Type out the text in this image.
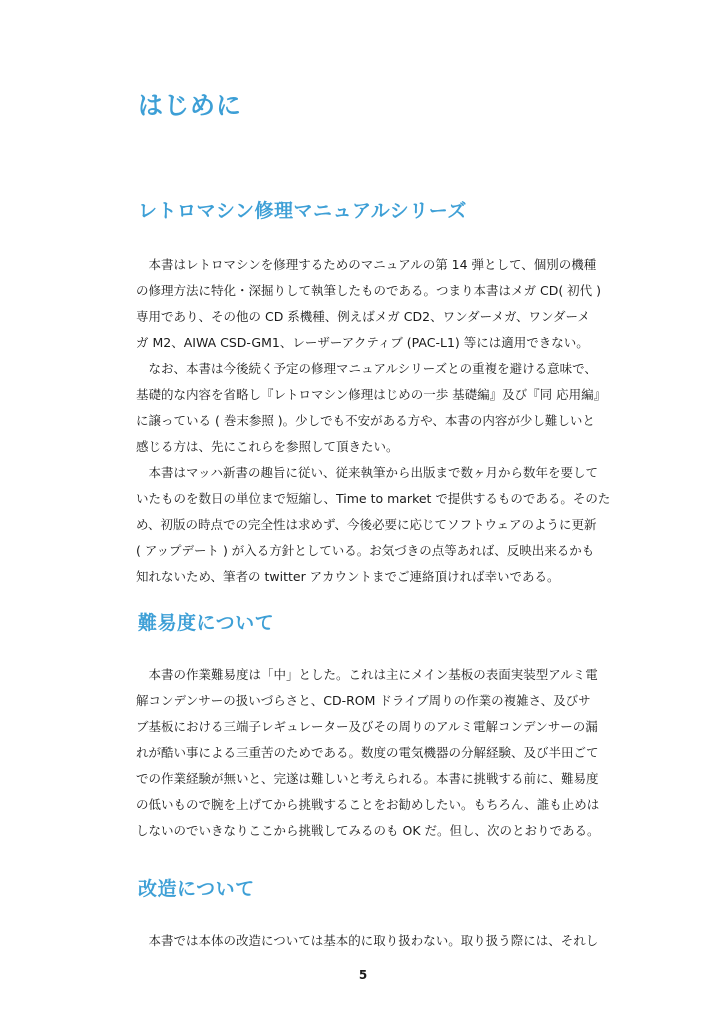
はじめに
レトロマシン修理マニュアルシリーズ
　本書はレトロマシンを修理するためのマニュアルの第 14 弾として、個別の機種
の修理方法に特化・深掘りして執筆したものである。つまり本書はメガ CD( 初代 )
専用であり、その他の CD 系機種、例えばメガ CD2、ワンダーメガ、ワンダーメ
ガ M2、AIWA CSD-GM1、レーザーアクティブ (PAC-L1) 等には適用できない。
　なお、本書は今後続く予定の修理マニュアルシリーズとの重複を避ける意味で、
基礎的な内容を省略し『レトロマシン修理はじめの一歩 基礎編』及び『同 応用編』
に譲っている ( 巻末参照 )。少しでも不安がある方や、本書の内容が少し難しいと
感じる方は、先にこれらを参照して頂きたい。
　本書はマッハ新書の趣旨に従い、従来執筆から出版まで数ヶ月から数年を要して
いたものを数日の単位まで短縮し、Time to market で提供するものである。そのた
め、初版の時点での完全性は求めず、今後必要に応じてソフトウェアのように更新
( アップデート ) が入る方針としている。お気づきの点等あれば、反映出来るかも
知れないため、筆者の twitter アカウントまでご連絡頂ければ幸いである。
難易度について
　本書の作業難易度は「中」とした。これは主にメイン基板の表面実装型アルミ電
解コンデンサーの扱いづらさと、CD-ROM ドライブ周りの作業の複雑さ、及びサ
ブ基板における三端子レギュレーター及びその周りのアルミ電解コンデンサーの漏
れが酷い事による三重苦のためである。数度の電気機器の分解経験、及び半田ごて
での作業経験が無いと、完遂は難しいと考えられる。本書に挑戦する前に、難易度
の低いもので腕を上げてから挑戦することをお勧めしたい。もちろん、誰も止めは
しないのでいきなりここから挑戦してみるのも OK だ。但し、次のとおりである。
改造について
　本書では本体の改造については基本的に取り扱わない。取り扱う際には、それし
5
